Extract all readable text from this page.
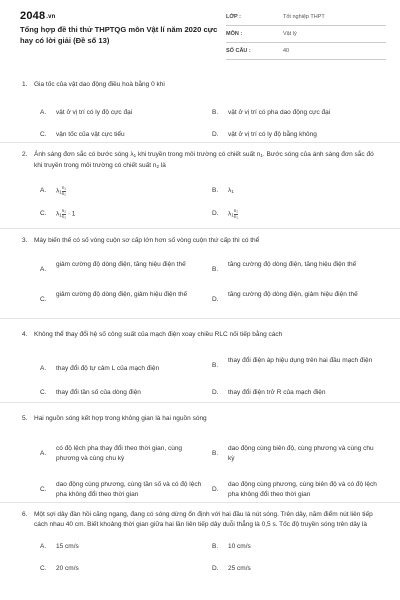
2048.vn
Tổng hợp đề thi thử THPTQG môn Vật lí năm 2020 cực hay có lời giải (Đề số 13)
LỚP :	Tốt nghiệp THPT
MÔN :	Vật lý
SỐ CÂU :	40
1. Gia tốc của vật dao động điều hoà bằng 0 khi
A. vật ở vị trí có ly độ cực đại	B. vật ở vị trí có pha dao động cực đại
C. vận tốc của vật cực tiểu	D. vật ở vị trí có ly độ bằng không
2. Ánh sáng đơn sắc có bước sóng $\lambda_1$ khi truyền trong môi trường có chiết suất $n_1$. Bước sóng của ánh sáng đơn sắc đó khi truyền trong môi trường có chiết suất $n_2$ là
A. $\lambda_1 \frac{\text{n₁}}{\text{n₂}}$	B. $\lambda_1$
C. $\lambda_1 \frac{\text{n₂}}{\text{n₁}} \cdot 1$	D. $\lambda_1 \frac{\text{n₂}}{\text{n₁}}$
3. Máy biến thế có số vòng cuộn sơ cấp lớn hơn số vòng cuộn thứ cấp thì có thể
A.
giảm cường độ dòng điện, tăng hiệu điện thế
B.
tăng cường độ dòng điện, tăng hiệu điện thế
C.
giảm cường độ dòng điện, giảm hiệu điện thế
D.
tăng cường độ dòng điện, giảm hiệu điện thế
4. Không thể thay đổi hệ số công suất của mạch điện xoay chiều RLC nối tiếp bằng cách
A. thay đổi độ tự cảm L của mạch điện	B.
thay đổi điện áp hiệu dụng trên hai đầu mạch điện
C. thay đổi tần số của dòng điện	D. thay đổi điện trở R của mạch điện
5. Hai nguồn sóng kết hợp trong không gian là hai nguồn sóng
A.
có độ lệch pha thay đổi theo thời gian, cùng phương và cùng chu kỳ
B.
dao động cùng biên độ, cùng phương và cùng chu kỳ
C.
dao động cùng phương, cùng tần số và có độ lệch pha không đổi theo thời gian
D.
dao động cùng phương, cùng biên độ và có độ lệch pha không đổi theo thời gian
6. Một sợi dây đàn hồi căng ngang, đang có sóng dừng ổn định với hai đầu là nút sóng. Trên dây, năm điểm nút liên tiếp cách nhau 40 cm. Biết khoảng thời gian giữa hai lần liên tiếp dây duỗi thẳng là 0,5 s. Tốc độ truyền sóng trên dây là
A. 15 cm/s	B. 10 cm/s
C. 20 cm/s	D. 25 cm/s
